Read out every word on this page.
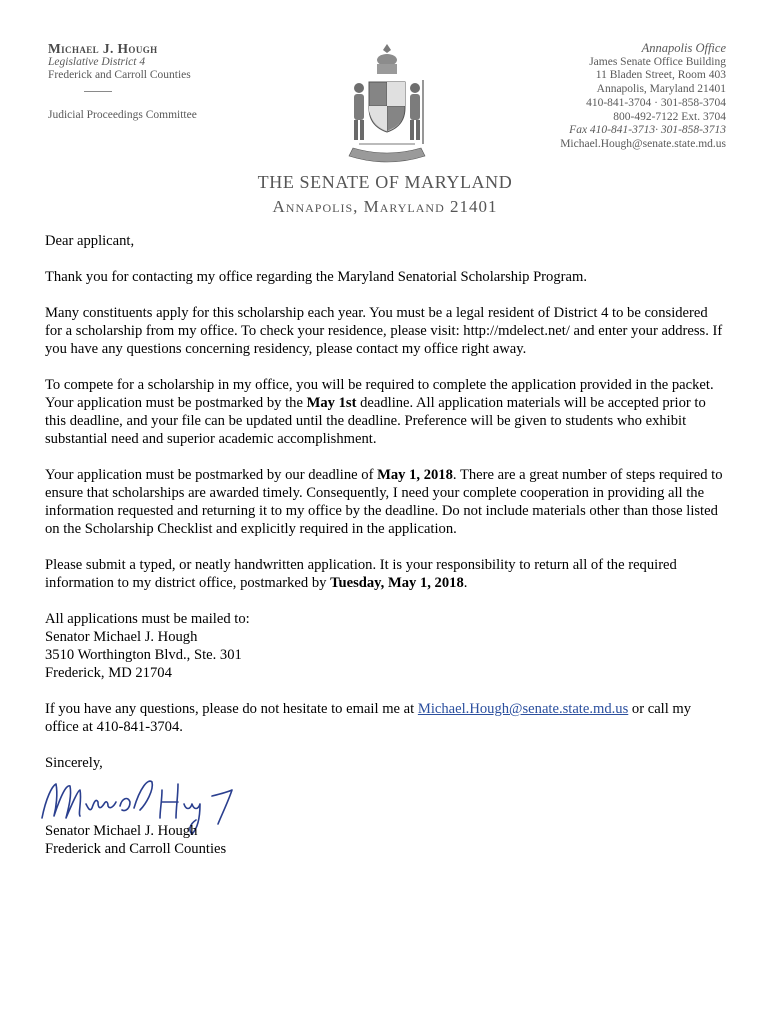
Michael J. Hough
Legislative District 4
Frederick and Carroll Counties
Judicial Proceedings Committee
Annapolis Office
James Senate Office Building
11 Bladen Street, Room 403
Annapolis, Maryland 21401
410-841-3704 · 301-858-3704
800-492-7122 Ext. 3704
Fax 410-841-3713· 301-858-3713
Michael.Hough@senate.state.md.us
THE SENATE OF MARYLAND
Annapolis, Maryland 21401

Dear applicant,

Thank you for contacting my office regarding the Maryland Senatorial Scholarship Program.

Many constituents apply for this scholarship each year. You must be a legal resident of District 4 to be considered for a scholarship from my office. To check your residence, please visit: http://mdelect.net/ and enter your address. If you have any questions concerning residency, please contact my office right away.

To compete for a scholarship in my office, you will be required to complete the application provided in the packet. Your application must be postmarked by the May 1st deadline. All application materials will be accepted prior to this deadline, and your file can be updated until the deadline. Preference will be given to students who exhibit substantial need and superior academic accomplishment.

Your application must be postmarked by our deadline of May 1, 2018. There are a great number of steps required to ensure that scholarships are awarded timely. Consequently, I need your complete cooperation in providing all the information requested and returning it to my office by the deadline. Do not include materials other than those listed on the Scholarship Checklist and explicitly required in the application.

Please submit a typed, or neatly handwritten application. It is your responsibility to return all of the required information to my district office, postmarked by Tuesday, May 1, 2018.

All applications must be mailed to:
Senator Michael J. Hough
3510 Worthington Blvd., Ste. 301
Frederick, MD 21704

If you have any questions, please do not hesitate to email me at Michael.Hough@senate.state.md.us or call my office at 410-841-3704.

Sincerely,

Senator Michael J. Hough
Frederick and Carroll Counties
